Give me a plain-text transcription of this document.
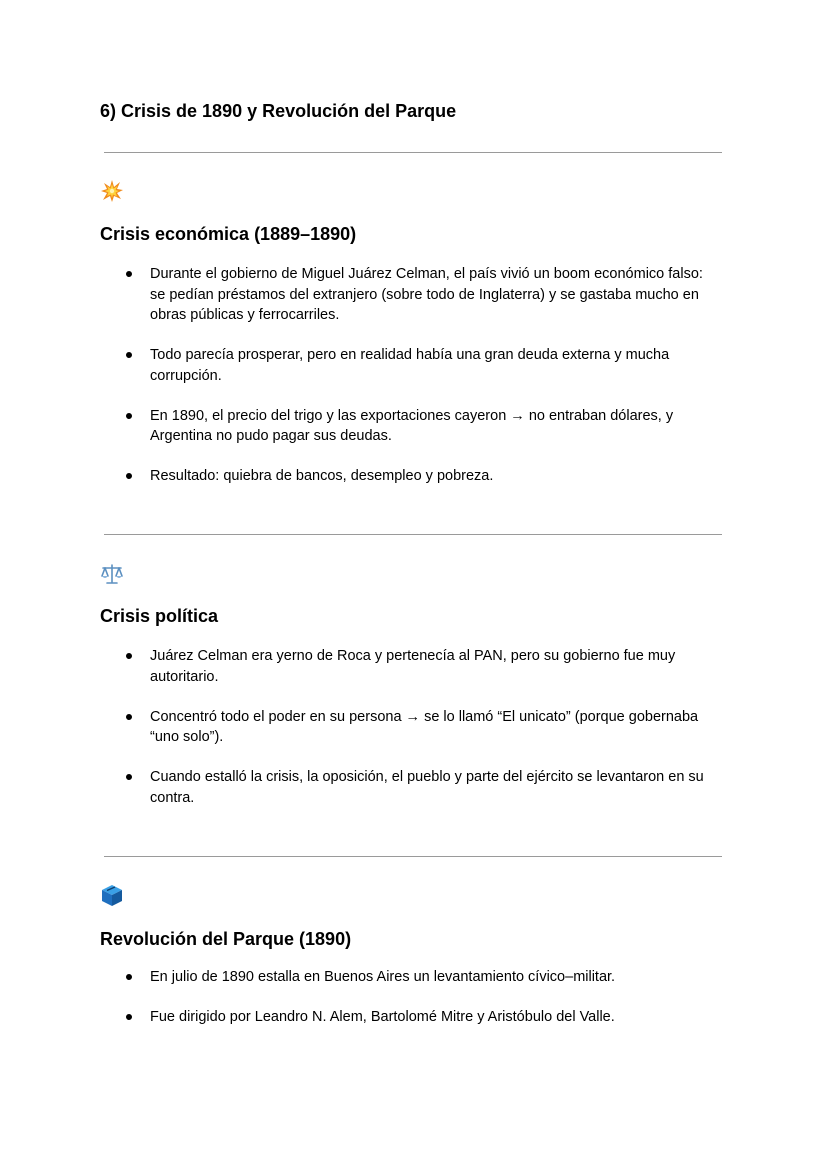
6) Crisis de 1890 y Revolución del Parque
Crisis económica (1889–1890)
Durante el gobierno de Miguel Juárez Celman, el país vivió un boom económico falso: se pedían préstamos del extranjero (sobre todo de Inglaterra) y se gastaba mucho en obras públicas y ferrocarriles.
Todo parecía prosperar, pero en realidad había una gran deuda externa y mucha corrupción.
En 1890, el precio del trigo y las exportaciones cayeron → no entraban dólares, y Argentina no pudo pagar sus deudas.
Resultado: quiebra de bancos, desempleo y pobreza.
Crisis política
Juárez Celman era yerno de Roca y pertenecía al PAN, pero su gobierno fue muy autoritario.
Concentró todo el poder en su persona → se lo llamó “El unicato” (porque gobernaba “uno solo”).
Cuando estalló la crisis, la oposición, el pueblo y parte del ejército se levantaron en su contra.
Revolución del Parque (1890)
En julio de 1890 estalla en Buenos Aires un levantamiento cívico–militar.
Fue dirigido por Leandro N. Alem, Bartolomé Mitre y Aristóbulo del Valle.
